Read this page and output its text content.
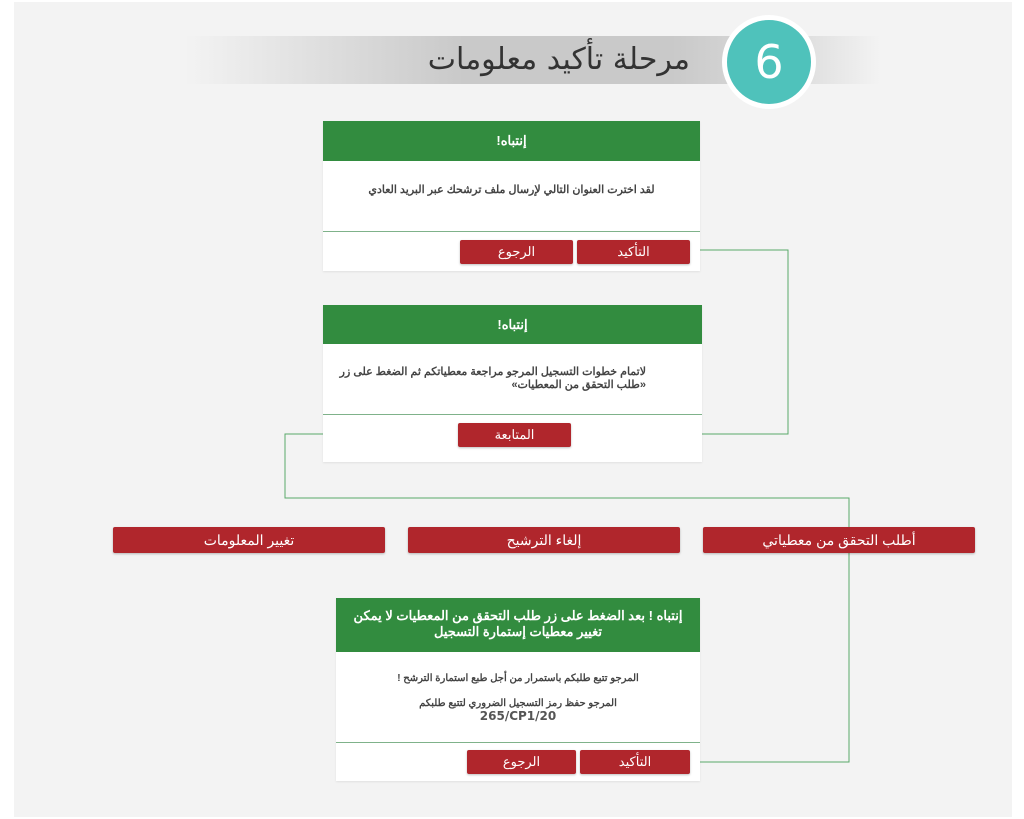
مرحلة تأكيد معلومات	6
إنتباه!
لقد اخترت العنوان التالي لإرسال ملف ترشحك عبر البريد العادي
التأكيد
الرجوع
إنتباه!
لاتمام خطوات التسجيل المرجو مراجعة معطياتكم ثم الضغط على زر
«طلب التحقق من المعطيات»
المتابعة
أطلب التحقق من معطياتي
إلغاء الترشيح
تغيير المعلومات
إنتباه ! بعد الضغط على زر طلب التحقق من المعطيات لا يمكن
تغيير معطيات إستمارة التسجيل
المرجو تتبع طلبكم باستمرار من أجل طبع استمارة الترشح !
المرجو حفظ رمز التسجيل الضروري لتتبع طلبكم
265/CP1/20
التأكيد
الرجوع
